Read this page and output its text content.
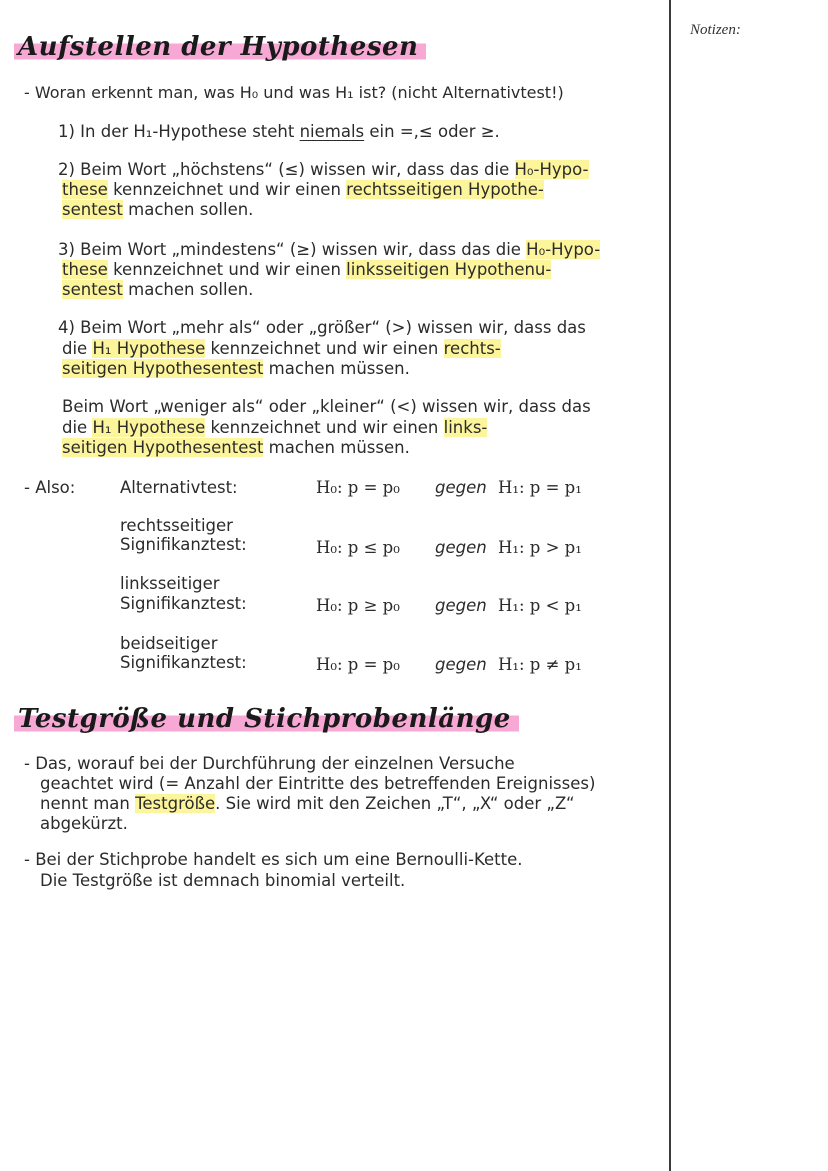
Notizen:
Aufstellen der Hypothesen
- Woran erkennt man, was H₀ und was H₁ ist? (nicht Alternativtest!)
1) In der H₁-Hypothese steht niemals ein =,≤ oder ≥.
2) Beim Wort „höchstens“ (≤) wissen wir, dass das die H₀-Hypo-
these kennzeichnet und wir einen rechtsseitigen Hypothe-
sentest machen sollen.
3) Beim Wort „mindestens“ (≥) wissen wir, dass das die H₀-Hypo-
these kennzeichnet und wir einen linksseitigen Hypothenu-
sentest machen sollen.
4) Beim Wort „mehr als“ oder „größer“ (>) wissen wir, dass das
die H₁ Hypothese kennzeichnet und wir einen rechts-
seitigen Hypothesentest machen müssen.
Beim Wort „weniger als“ oder „kleiner“ (<) wissen wir, dass das
die H₁ Hypothese kennzeichnet und wir einen links-
seitigen Hypothesentest machen müssen.
- Also:	Alternativtest:	H₀: p = p₀ gegen H₁: p = p₁
rechtsseitiger
Signifikanztest:	H₀: p ≤ p₀ gegen H₁: p > p₁
linksseitiger
Signifikanztest:	H₀: p ≥ p₀ gegen H₁: p < p₁
beidseitiger
Signifikanztest:	H₀: p = p₀ gegen H₁: p ≠ p₁
Testgröße und Stichprobenlänge
- Das, worauf bei der Durchführung der einzelnen Versuche
geachtet wird (= Anzahl der Eintritte des betreffenden Ereignisses)
nennt man Testgröße. Sie wird mit den Zeichen „T“, „X“ oder „Z“
abgekürzt.
- Bei der Stichprobe handelt es sich um eine Bernoulli-Kette.
Die Testgröße ist demnach binomial verteilt.
